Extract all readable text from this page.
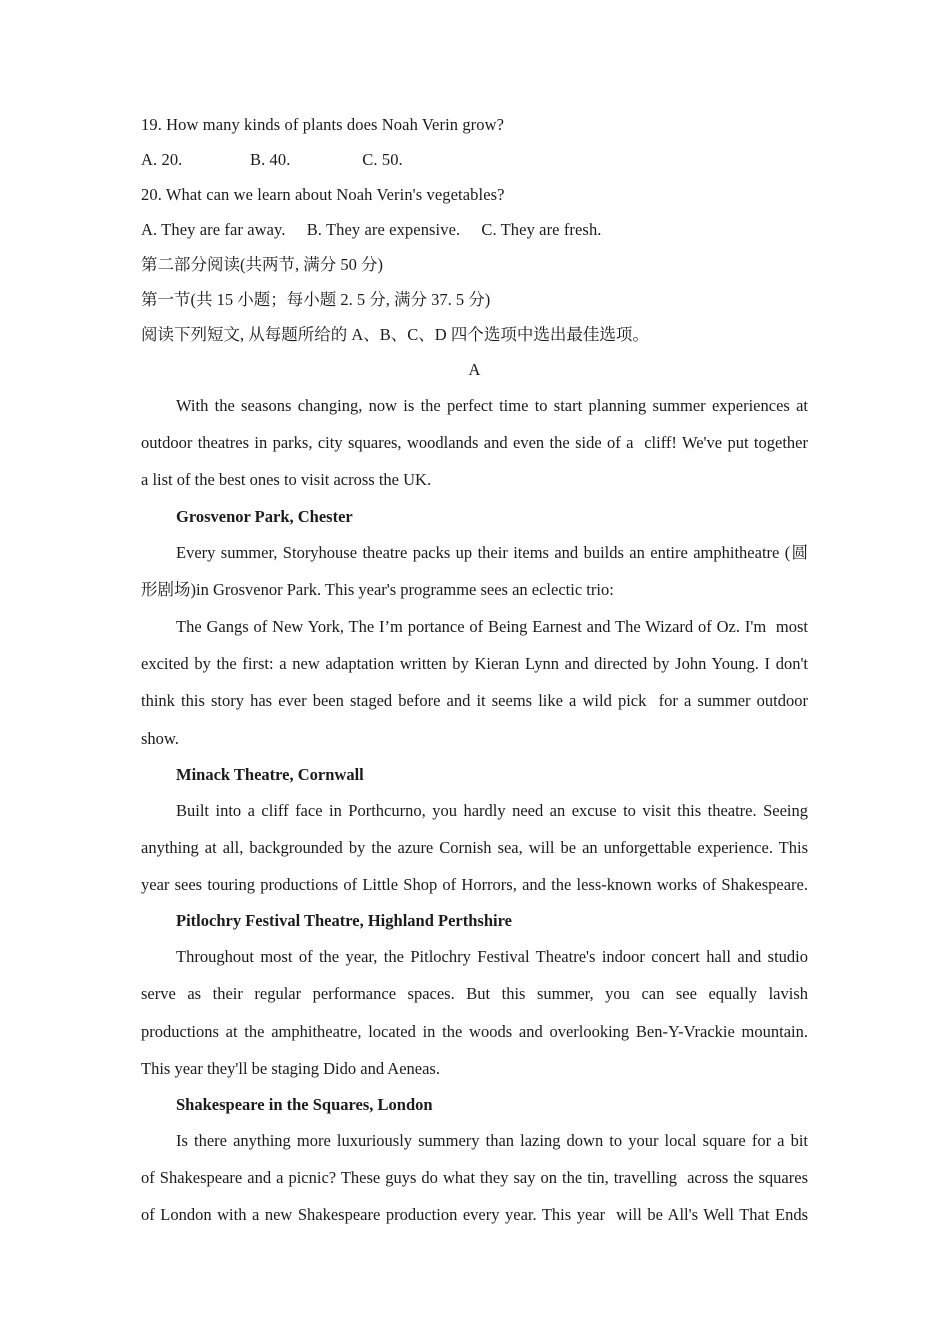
19. How many kinds of plants does Noah Verin grow?
A. 20.                B. 40.                 C. 50.
20. What can we learn about Noah Verin's vegetables?
A. They are far away.     B. They are expensive.     C. They are fresh.
第二部分阅读(共两节, 满分 50 分)
第一节(共 15 小题；每小题 2. 5 分, 满分 37. 5 分)
阅读下列短文, 从每题所给的 A、B、C、D 四个选项中选出最佳选项。
A
With the seasons changing, now is the perfect time to start planning summer experiences at
outdoor theatres in parks, city squares, woodlands and even the side of a  cliff! We've put together
a list of the best ones to visit across the UK.
Grosvenor Park, Chester
Every summer, Storyhouse theatre packs up their items and builds an entire amphitheatre (圆
形剧场)in Grosvenor Park. This year's programme sees an eclectic trio:
The Gangs of New York, The I’m portance of Being Earnest and The Wizard of Oz. I'm  most
excited by the first: a new adaptation written by Kieran Lynn and directed by John Young. I don't
think this story has ever been staged before and it seems like a wild pick  for a summer outdoor
show.
Minack Theatre, Cornwall
Built into a cliff face in Porthcurno, you hardly need an excuse to visit this theatre. Seeing
anything at all, backgrounded by the azure Cornish sea, will be an unforgettable experience. This
year sees touring productions of Little Shop of Horrors, and the less-known works of Shakespeare.
Pitlochry Festival Theatre, Highland Perthshire
Throughout most of the year, the Pitlochry Festival Theatre's indoor concert hall and studio
serve as their regular performance spaces. But this summer, you can see equally lavish
productions at the amphitheatre, located in the woods and overlooking Ben-Y-Vrackie mountain.
This year they'll be staging Dido and Aeneas.
Shakespeare in the Squares, London
Is there anything more luxuriously summery than lazing down to your local square for a bit
of Shakespeare and a picnic? These guys do what they say on the tin, travelling  across the squares
of London with a new Shakespeare production every year. This year  will be All's Well That Ends
